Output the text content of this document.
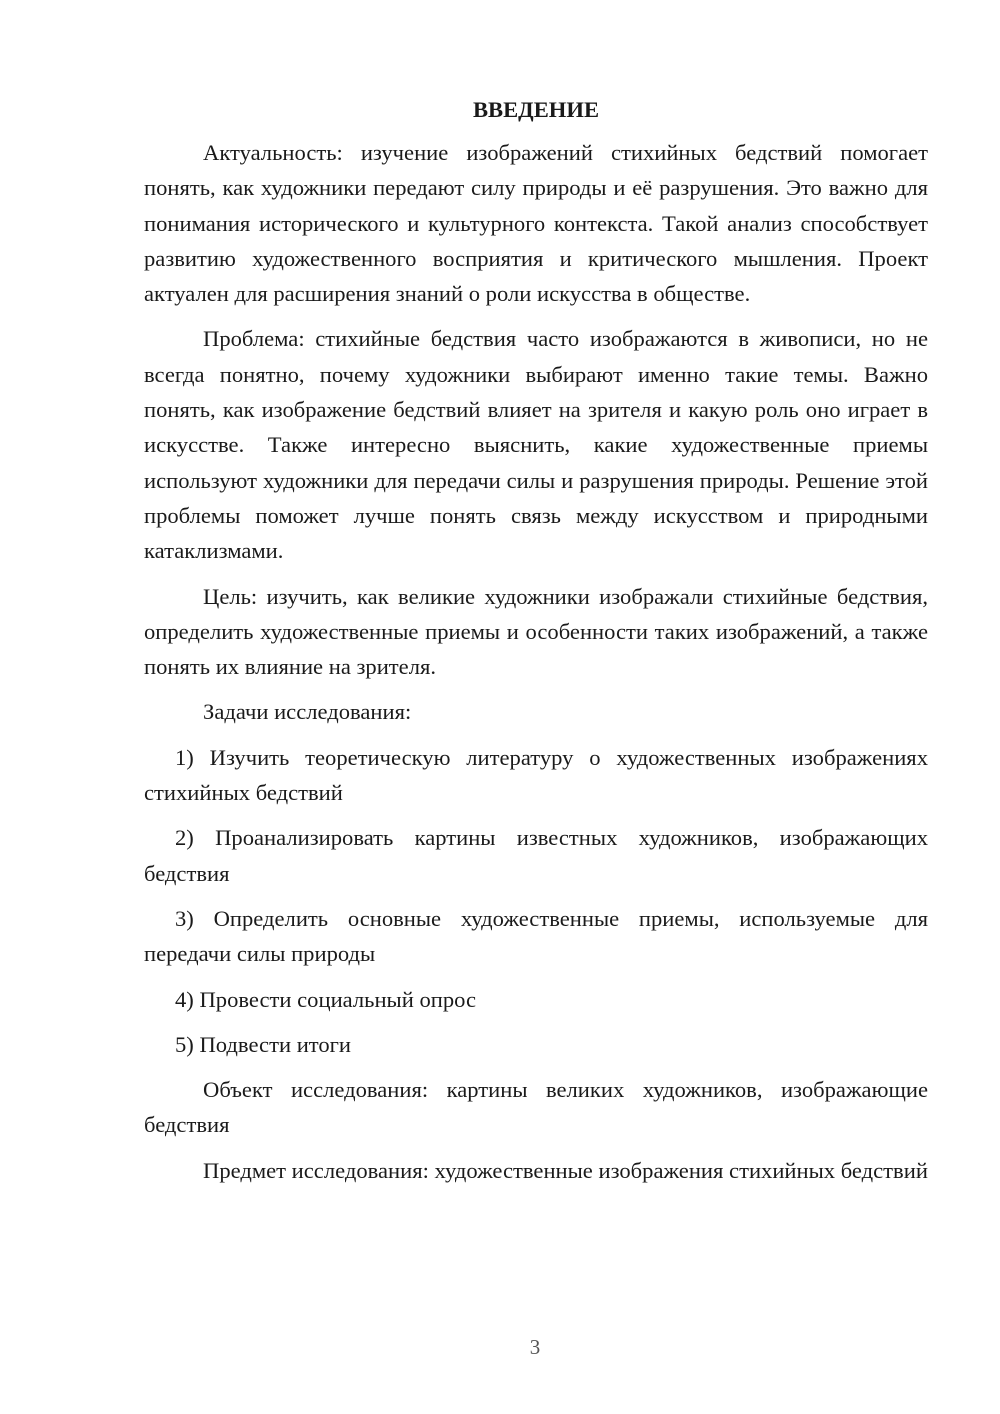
ВВЕДЕНИЕ

Актуальность: изучение изображений стихийных бедствий помогает понять, как художники передают силу природы и её разрушения. Это важно для понимания исторического и культурного контекста. Такой анализ способствует развитию художественного восприятия и критического мышления. Проект актуален для расширения знаний о роли искусства в обществе.

Проблема: стихийные бедствия часто изображаются в живописи, но не всегда понятно, почему художники выбирают именно такие темы. Важно понять, как изображение бедствий влияет на зрителя и какую роль оно играет в искусстве. Также интересно выяснить, какие художественные приемы используют художники для передачи силы и разрушения природы. Решение этой проблемы поможет лучше понять связь между искусством и природными катаклизмами.

Цель: изучить, как великие художники изображали стихийные бедствия, определить художественные приемы и особенности таких изображений, а также понять их влияние на зрителя.

Задачи исследования:

1) Изучить теоретическую литературу о художественных изображениях стихийных бедствий

2) Проанализировать картины известных художников, изображающих бедствия

3) Определить основные художественные приемы, используемые для передачи силы природы

4) Провести социальный опрос

5) Подвести итоги

Объект исследования: картины великих художников, изображающие бедствия

Предмет исследования: художественные изображения стихийных бедствий

3
